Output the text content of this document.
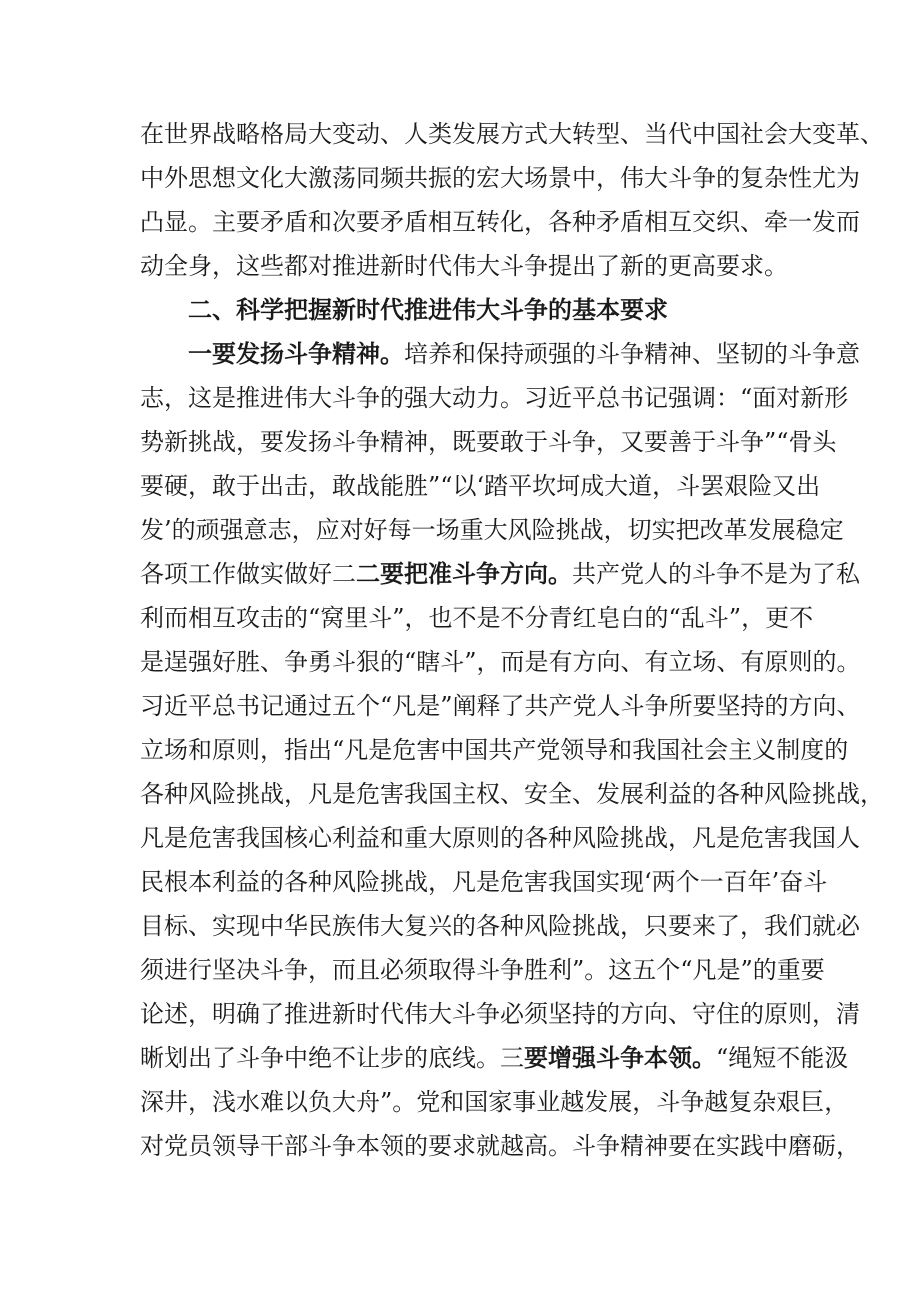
在世界战略格局大变动、人类发展方式大转型、当代中国社会大变革、
中外思想文化大激荡同频共振的宏大场景中，伟大斗争的复杂性尤为
凸显。主要矛盾和次要矛盾相互转化，各种矛盾相互交织、牵一发而
动全身，这些都对推进新时代伟大斗争提出了新的更高要求。
二、科学把握新时代推进伟大斗争的基本要求
一要发扬斗争精神。培养和保持顽强的斗争精神、坚韧的斗争意
志，这是推进伟大斗争的强大动力。习近平总书记强调：“面对新形
势新挑战，要发扬斗争精神，既要敢于斗争，又要善于斗争”“骨头
要硬，敢于出击，敢战能胜”“以‘踏平坎坷成大道，斗罢艰险又出
发’的顽强意志，应对好每一场重大风险挑战，切实把改革发展稳定
各项工作做实做好二二要把准斗争方向。共产党人的斗争不是为了私
利而相互攻击的“窝里斗”，也不是不分青红皂白的“乱斗”，更不
是逞强好胜、争勇斗狠的“瞎斗”，而是有方向、有立场、有原则的。
习近平总书记通过五个“凡是”阐释了共产党人斗争所要坚持的方向、
立场和原则，指出“凡是危害中国共产党领导和我国社会主义制度的
各种风险挑战，凡是危害我国主权、安全、发展利益的各种风险挑战，
凡是危害我国核心利益和重大原则的各种风险挑战，凡是危害我国人
民根本利益的各种风险挑战，凡是危害我国实现‘两个一百年’奋斗
目标、实现中华民族伟大复兴的各种风险挑战，只要来了，我们就必
须进行坚决斗争，而且必须取得斗争胜利”。这五个“凡是”的重要
论述，明确了推进新时代伟大斗争必须坚持的方向、守住的原则，清
晰划出了斗争中绝不让步的底线。三要增强斗争本领。“绳短不能汲
深井，浅水难以负大舟”。党和国家事业越发展，斗争越复杂艰巨，
对党员领导干部斗争本领的要求就越高。斗争精神要在实践中磨砺，
